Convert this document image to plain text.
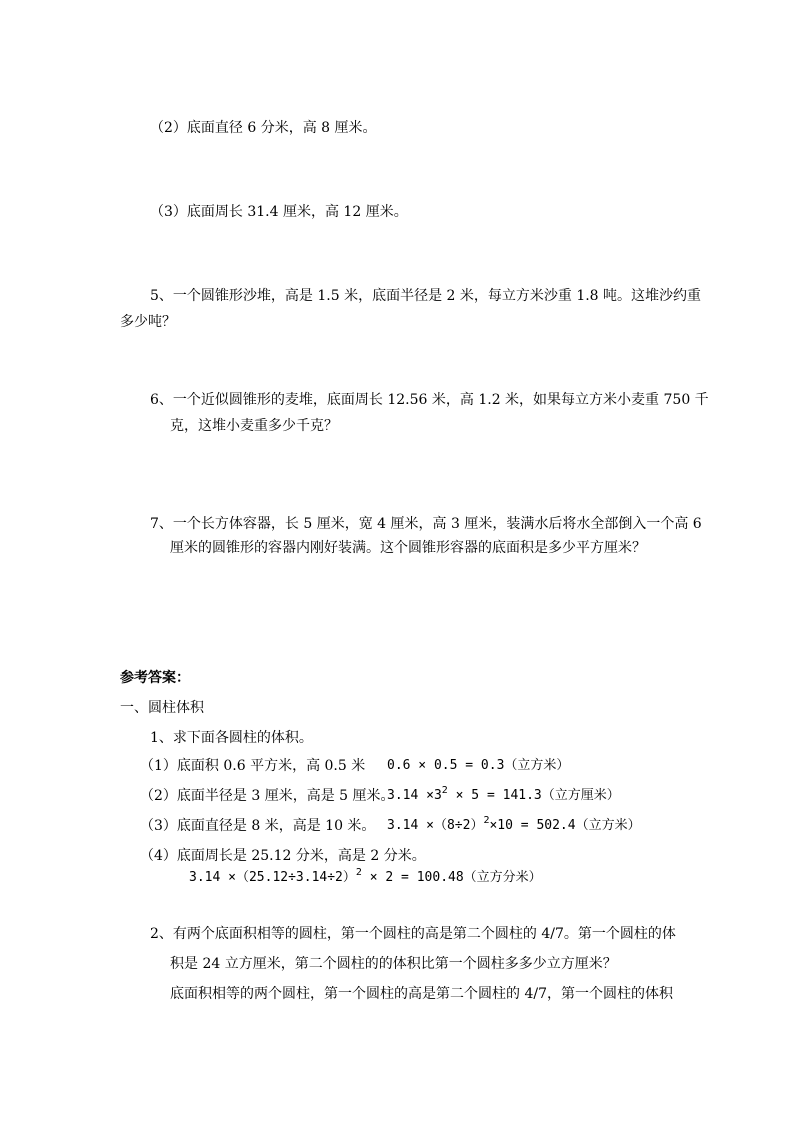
（2）底面直径 6 分米，高 8 厘米。
（3）底面周长 31.4 厘米，高 12 厘米。
5、一个圆锥形沙堆，高是 1.5 米，底面半径是 2 米，每立方米沙重 1.8 吨。这堆沙约重
多少吨？
6、一个近似圆锥形的麦堆，底面周长 12.56 米，高 1.2 米，如果每立方米小麦重 750 千
克，这堆小麦重多少千克？
7、一个长方体容器，长 5 厘米，宽 4 厘米，高 3 厘米，装满水后将水全部倒入一个高 6
厘米的圆锥形的容器内刚好装满。这个圆锥形容器的底面积是多少平方厘米？
参考答案：
一、圆柱体积
1、求下面各圆柱的体积。
（1）底面积 0.6 平方米，高 0.5 米 0.6 × 0.5 = 0.3（立方米）
（2）底面半径是 3 厘米，高是 5 厘米。
$3.14 \times 3^2 \times 5 = 141.3$（立方厘米）
（3）底面直径是 8 米，高是 10 米。 $3.14 \times(8\div 2)^2\times 10 = 502.4$（立方米）
（4）底面周长是 25.12 分米，高是 2 分米。
$3.14 \times(25.12\div 3.14\div 2)^2 \times 2 = 100.48$（立方分米）
2、有两个底面积相等的圆柱，第一个圆柱的高是第二个圆柱的 4/7。第一个圆柱的体
积是 24 立方厘米，第二个圆柱的的体积比第一个圆柱多多少立方厘米？
底面积相等的两个圆柱，第一个圆柱的高是第二个圆柱的 4/7，第一个圆柱的体积
